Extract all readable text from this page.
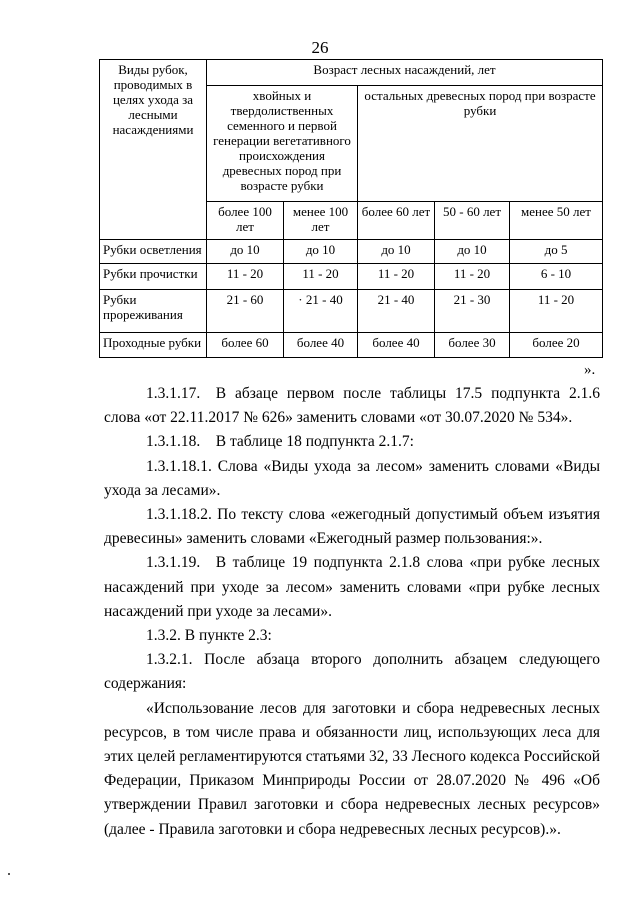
26
Виды рубок, проводимых в целях ухода за лесными насаждениями	Возраст лесных насаждений, лет				
	хвойных и твердолиственных семенного и первой генерации вегетативного происхождения древесных пород при возрасте рубки		остальных древесных пород при возрасте рубки		
	более 100 лет	менее 100 лет	более 60 лет	50 - 60 лет	менее 50 лет
Рубки осветления	до 10	до 10	до 10	до 10	до 5
Рубки прочистки	11 - 20	11 - 20	11 - 20	11 - 20	6 - 10
Рубки прореживания	21 - 60	· 21 - 40	21 - 40	21 - 30	11 - 20
Проходные рубки	более 60	более 40	более 40	более 30	более 20
».

1.3.1.17. В абзаце первом после таблицы 17.5 подпункта 2.1.6 слова «от 22.11.2017 № 626» заменить словами «от 30.07.2020 № 534».

1.3.1.18. В таблице 18 подпункта 2.1.7:

1.3.1.18.1. Слова «Виды ухода за лесом» заменить словами «Виды ухода за лесами».

1.3.1.18.2. По тексту слова «ежегодный допустимый объем изъятия древесины» заменить словами «Ежегодный размер пользования:».

1.3.1.19. В таблице 19 подпункта 2.1.8 слова «при рубке лесных насаждений при уходе за лесом» заменить словами «при рубке лесных насаждений при уходе за лесами».

1.3.2. В пункте 2.3:

1.3.2.1. После абзаца второго дополнить абзацем следующего содержания:

«Использование лесов для заготовки и сбора недревесных лесных ресурсов, в том числе права и обязанности лиц, использующих леса для этих целей регламентируются статьями 32, 33 Лесного кодекса Российской Федерации, Приказом Минприроды России от 28.07.2020 № 496 «Об утверждении Правил заготовки и сбора недревесных лесных ресурсов» (далее - Правила заготовки и сбора недревесных лесных ресурсов).».
